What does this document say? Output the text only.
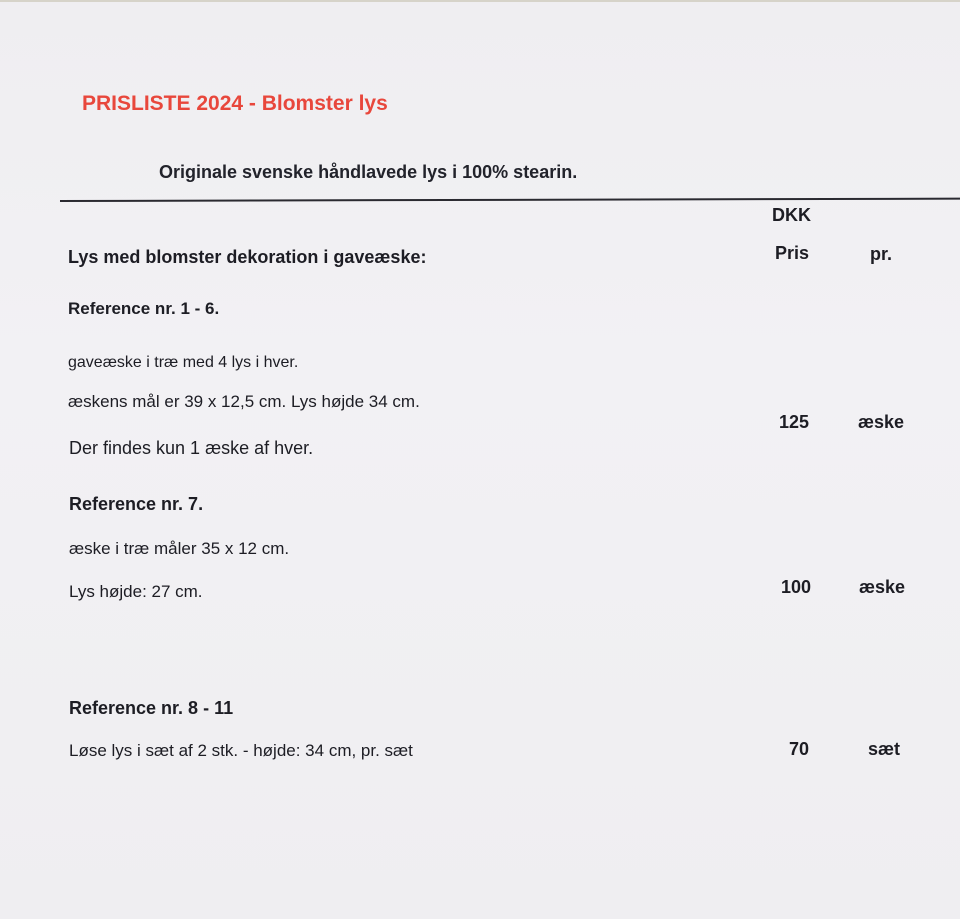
PRISLISTE 2024 - Blomster lys
Originale svenske håndlavede lys i 100% stearin.
DKK
Pris	pr.
Lys med blomster dekoration i gaveæske:
Reference nr. 1 - 6.
gaveæske i træ med 4 lys i hver.
æskens mål er 39 x 12,5 cm. Lys højde 34 cm.
Der findes kun 1 æske af hver.
125	æske
Reference nr. 7.
æske i træ måler 35 x 12 cm.
Lys højde: 27 cm.	100	æske
Reference nr. 8 - 11
Løse lys i sæt af 2 stk. - højde: 34 cm, pr. sæt	70	sæt
